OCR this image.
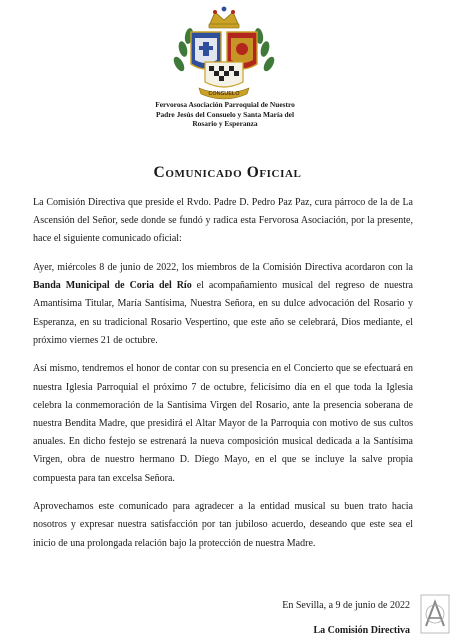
CONSUELO
Fervorosa Asociación Parroquial de Nuestro
Padre Jesús del Consuelo y Santa María del
Rosario y Esperanza
Comunicado Oficial

La Comisión Directiva que preside el Rvdo. Padre D. Pedro Paz Paz, cura párroco de la de La Ascensión del Señor, sede donde se fundó y radica esta Fervorosa Asociación, por la presente, hace el siguiente comunicado oficial:

Ayer, miércoles 8 de junio de 2022, los miembros de la Comisión Directiva acordaron con la Banda Municipal de Coria del Río el acompañamiento musical del regreso de nuestra Amantísima Titular, María Santísima, Nuestra Señora, en su dulce advocación del Rosario y Esperanza, en su tradicional Rosario Vespertino, que este año se celebrará, Dios mediante, el próximo viernes 21 de octubre.

Así mismo, tendremos el honor de contar con su presencia en el Concierto que se efectuará en nuestra Iglesia Parroquial el próximo 7 de octubre, felicísimo día en el que toda la Iglesia celebra la conmemoración de la Santísima Virgen del Rosario, ante la presencia soberana de nuestra Bendita Madre, que presidirá el Altar Mayor de la Parroquia con motivo de sus cultos anuales. En dicho festejo se estrenará la nueva composición musical dedicada a la Santísima Virgen, obra de nuestro hermano D. Diego Mayo, en el que se incluye la salve propia compuesta para tan excelsa Señora.

Aprovechamos este comunicado para agradecer a la entidad musical su buen trato hacia nosotros y expresar nuestra satisfacción por tan jubiloso acuerdo, deseando que este sea el inicio de una prolongada relación bajo la protección de nuestra Madre.

En Sevilla, a 9 de junio de 2022
La Comisión Directiva
